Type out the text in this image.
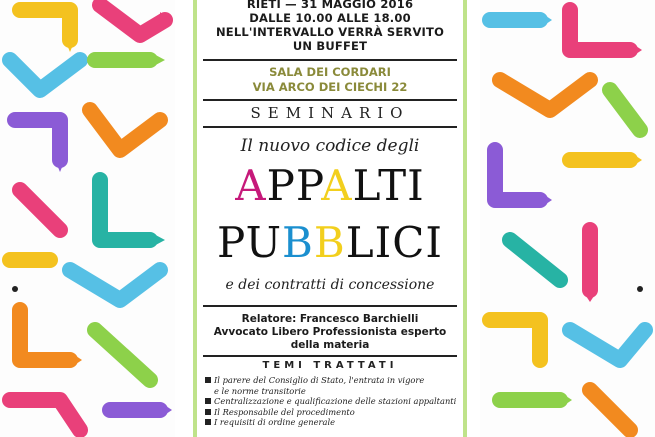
RIETI — 31 MAGGIO 2016
DALLE 10.00 ALLE 18.00
NELL'INTERVALLO VERRÀ SERVITO
UN BUFFET
SALA DEI CORDARI
VIA ARCO DEI CIECHI 22
SEMINARIO
Il nuovo codice degli
APPALTI
PUBBLICI
e dei contratti di concessione
Relatore: Francesco Barchielli
Avvocato Libero Professionista esperto
della materia
TEMI TRATTATI
Il parere del Consiglio di Stato, l'entrata in vigore
e le norme transitorie
Centralizzazione e qualificazione delle stazioni appaltanti
Il Responsabile del procedimento
I requisiti di ordine generale
